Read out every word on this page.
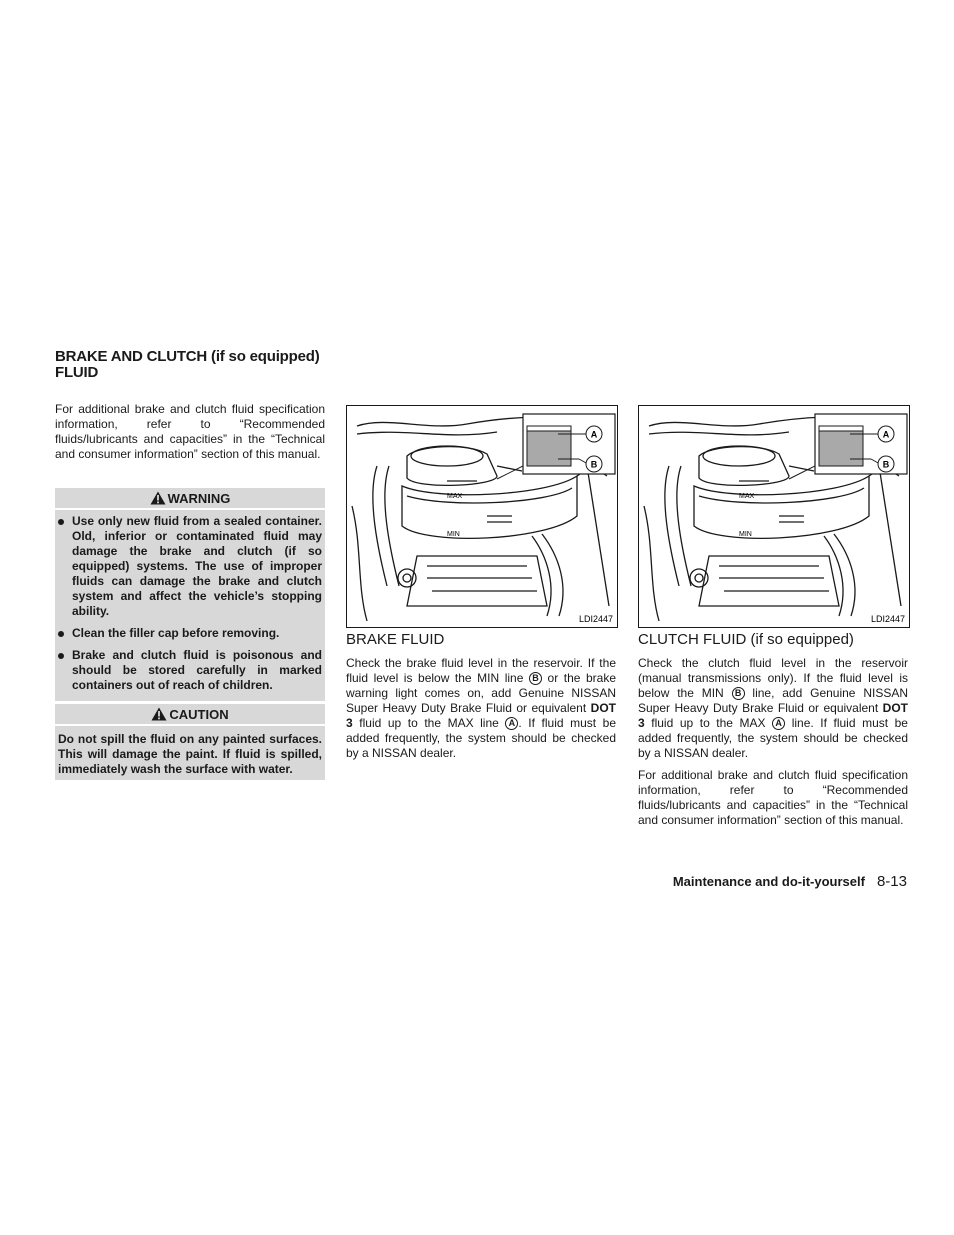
BRAKE AND CLUTCH (if so equipped)
FLUID

For additional brake and clutch fluid specification information, refer to “Recommended fluids/lubricants and capacities” in the “Technical and consumer information” section of this manual.

WARNING
Use only new fluid from a sealed container. Old, inferior or contaminated fluid may damage the brake and clutch (if so equipped) systems. The use of improper fluids can damage the brake and clutch system and affect the vehicle’s stopping ability.
Clean the filler cap before removing.
Brake and clutch fluid is poisonous and should be stored carefully in marked containers out of reach of children.
CAUTION
Do not spill the fluid on any painted surfaces. This will damage the paint. If fluid is spilled, immediately wash the surface with water.
MAX
MIN
A
B
LDI2447
MAX
MIN
A
B
LDI2447
BRAKE FLUID

Check the brake fluid level in the reservoir. If the fluid level is below the MIN line B or the brake warning light comes on, add Genuine NISSAN Super Heavy Duty Brake Fluid or equivalent DOT 3 fluid up to the MAX line A . If fluid must be added frequently, the system should be checked by a NISSAN dealer.

CLUTCH FLUID (if so equipped)

Check the clutch fluid level in the reservoir (manual transmissions only). If the fluid level is below the MIN B line, add Genuine NISSAN Super Heavy Duty Brake Fluid or equivalent DOT 3 fluid up to the MAX A line. If fluid must be added frequently, the system should be checked by a NISSAN dealer.

For additional brake and clutch fluid specification information, refer to “Recommended fluids/lubricants and capacities” in the “Technical and consumer information” section of this manual.

Maintenance and do-it-yourself 8-13
